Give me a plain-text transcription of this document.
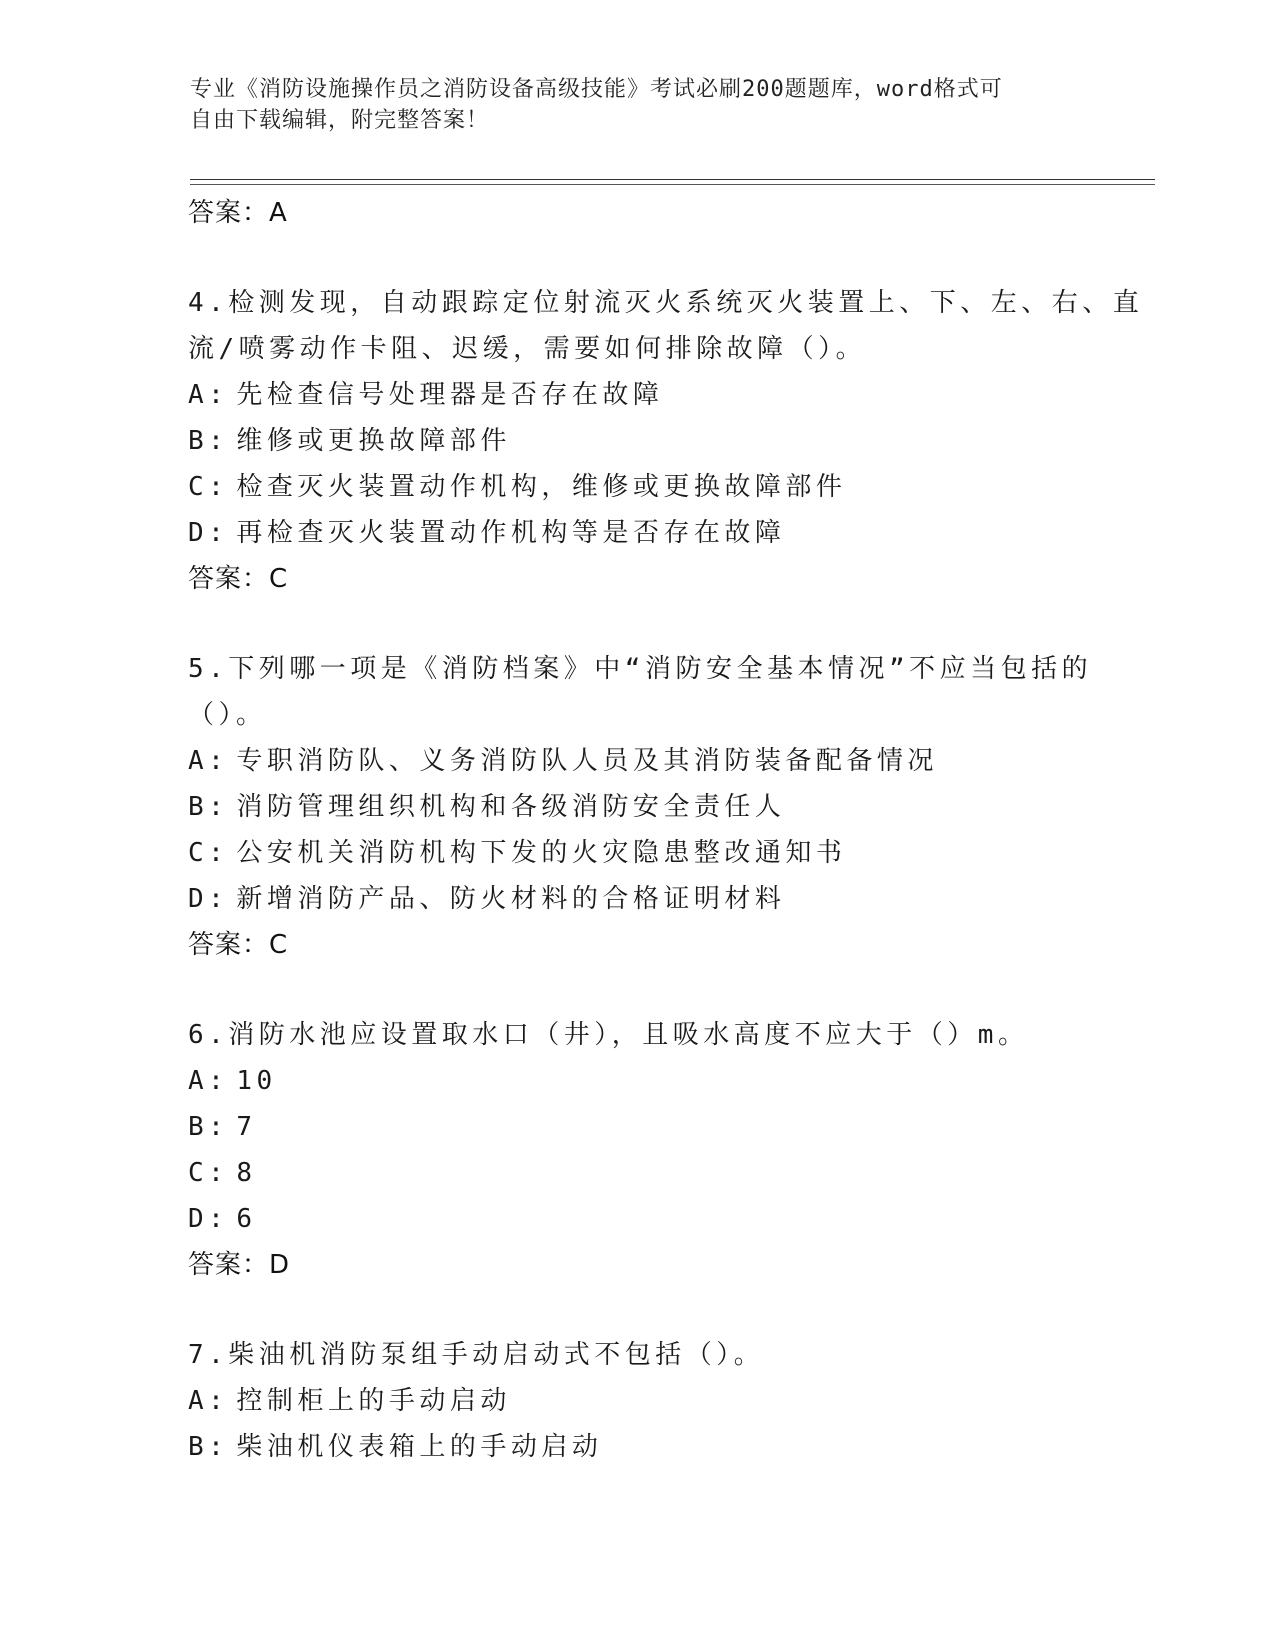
专业《消防设施操作员之消防设备高级技能》考试必刷200题题库，word格式可
自由下载编辑，附完整答案！
答案：A
4.检测发现，自动跟踪定位射流灭火系统灭火装置上、下、左、右、直流/喷雾动作卡阻、迟缓，需要如何排除故障（）。
A: 先检查信号处理器是否存在故障
B: 维修或更换故障部件
C: 检查灭火装置动作机构，维修或更换故障部件
D: 再检查灭火装置动作机构等是否存在故障
答案：C
5.下列哪一项是《消防档案》中“消防安全基本情况”不应当包括的（）。
A: 专职消防队、义务消防队人员及其消防装备配备情况
B: 消防管理组织机构和各级消防安全责任人
C: 公安机关消防机构下发的火灾隐患整改通知书
D: 新增消防产品、防火材料的合格证明材料
答案：C
6.消防水池应设置取水口（井），且吸水高度不应大于（）m。
A: 10
B: 7
C: 8
D: 6
答案：D
7.柴油机消防泵组手动启动式不包括（）。
A: 控制柜上的手动启动
B: 柴油机仪表箱上的手动启动
